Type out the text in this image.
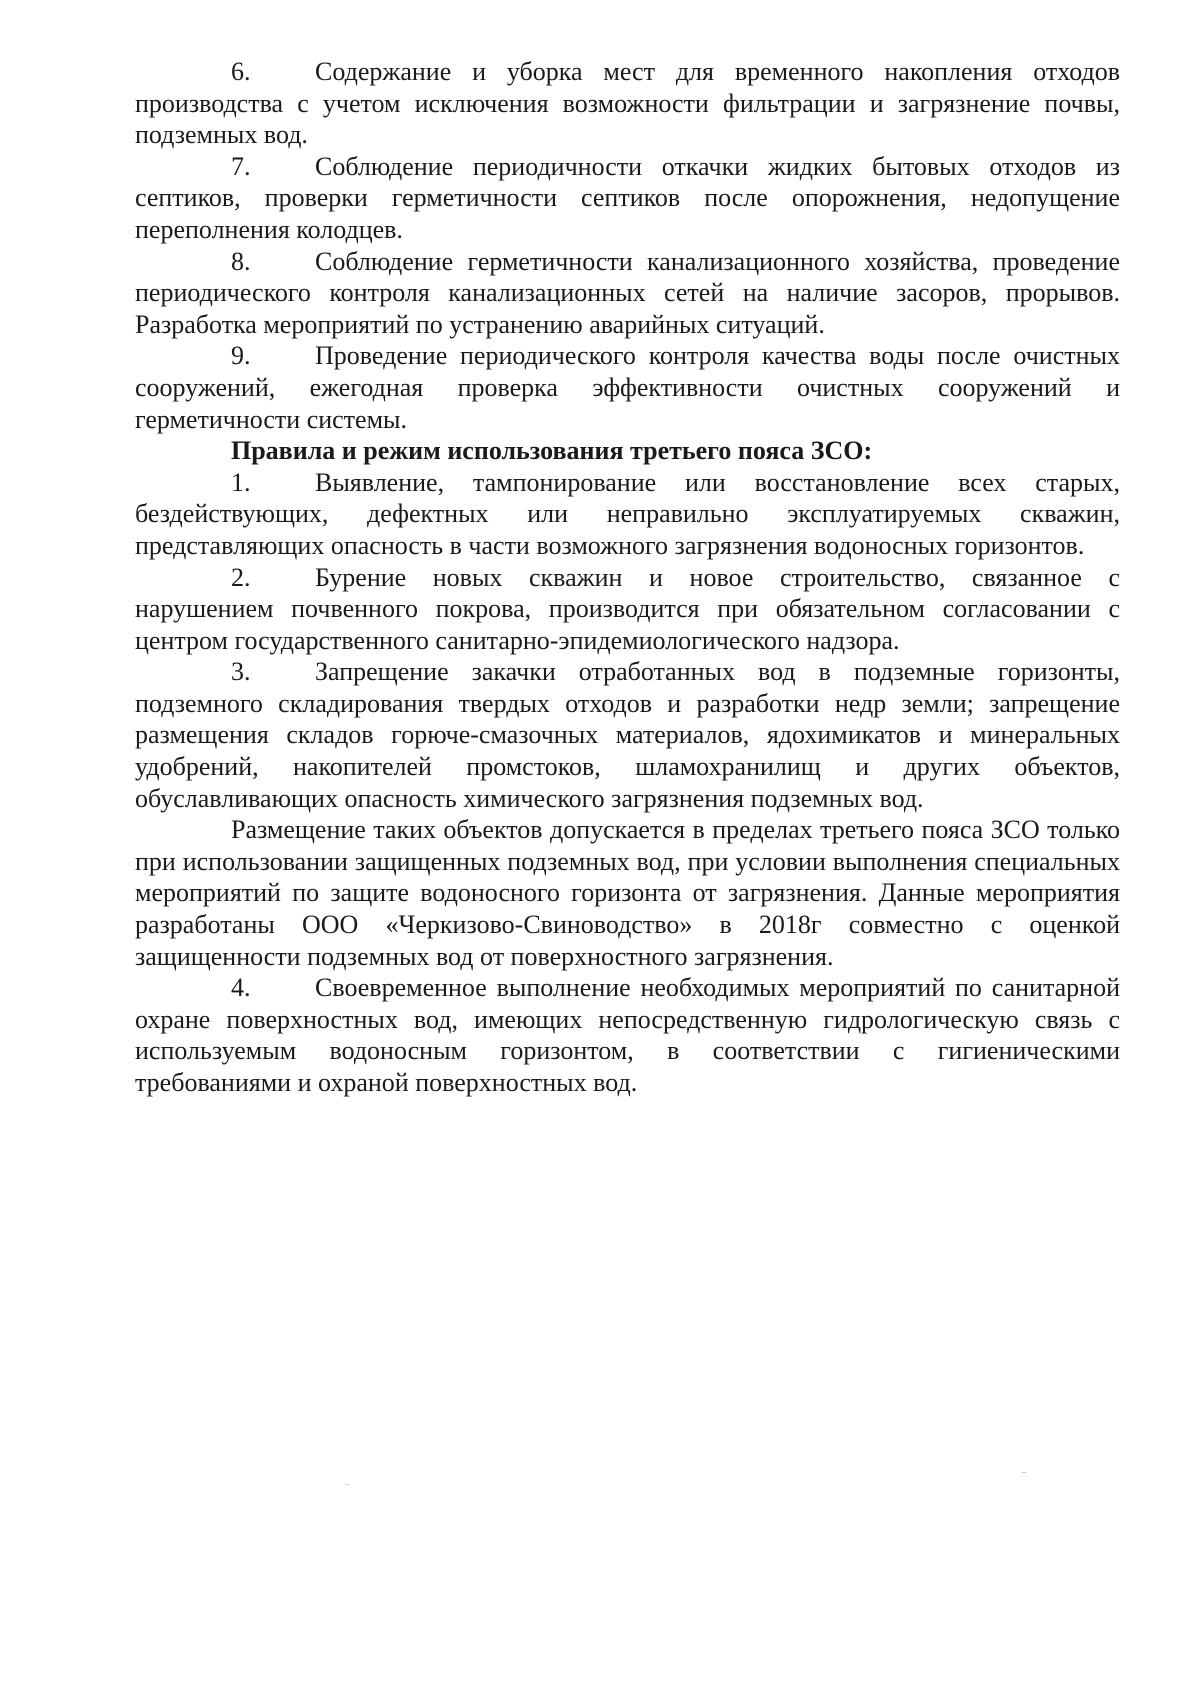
6. Содержание и уборка мест для временного накопления отходов производства с учетом исключения возможности фильтрации и загрязнение почвы, подземных вод.

7. Соблюдение периодичности откачки жидких бытовых отходов из септиков, проверки герметичности септиков после опорожнения, недопущение переполнения колодцев.

8. Соблюдение герметичности канализационного хозяйства, проведение периодического контроля канализационных сетей на наличие засоров, прорывов. Разработка мероприятий по устранению аварийных ситуаций.

9. Проведение периодического контроля качества воды после очистных сооружений, ежегодная проверка эффективности очистных сооружений и герметичности системы.

Правила и режим использования третьего пояса ЗСО:

1. Выявление, тампонирование или восстановление всех старых, бездействующих, дефектных или неправильно эксплуатируемых скважин, представляющих опасность в части возможного загрязнения водоносных горизонтов.

2. Бурение новых скважин и новое строительство, связанное с нарушением почвенного покрова, производится при обязательном согласовании с центром государственного санитарно-эпидемиологического надзора.

3. Запрещение закачки отработанных вод в подземные горизонты, подземного складирования твердых отходов и разработки недр земли; запрещение размещения складов горюче-смазочных материалов, ядохимикатов и минеральных удобрений, накопителей промстоков, шламохранилищ и других объектов, обуславливающих опасность химического загрязнения подземных вод.

Размещение таких объектов допускается в пределах третьего пояса ЗСО только при использовании защищенных подземных вод, при условии выполнения специальных мероприятий по защите водоносного горизонта от загрязнения. Данные мероприятия разработаны ООО «Черкизово-Свиноводство» в 2018г совместно с оценкой защищенности подземных вод от поверхностного загрязнения.

4. Своевременное выполнение необходимых мероприятий по санитарной охране поверхностных вод, имеющих непосредственную гидрологическую связь с используемым водоносным горизонтом, в соответствии с гигиеническими требованиями и охраной поверхностных вод.
